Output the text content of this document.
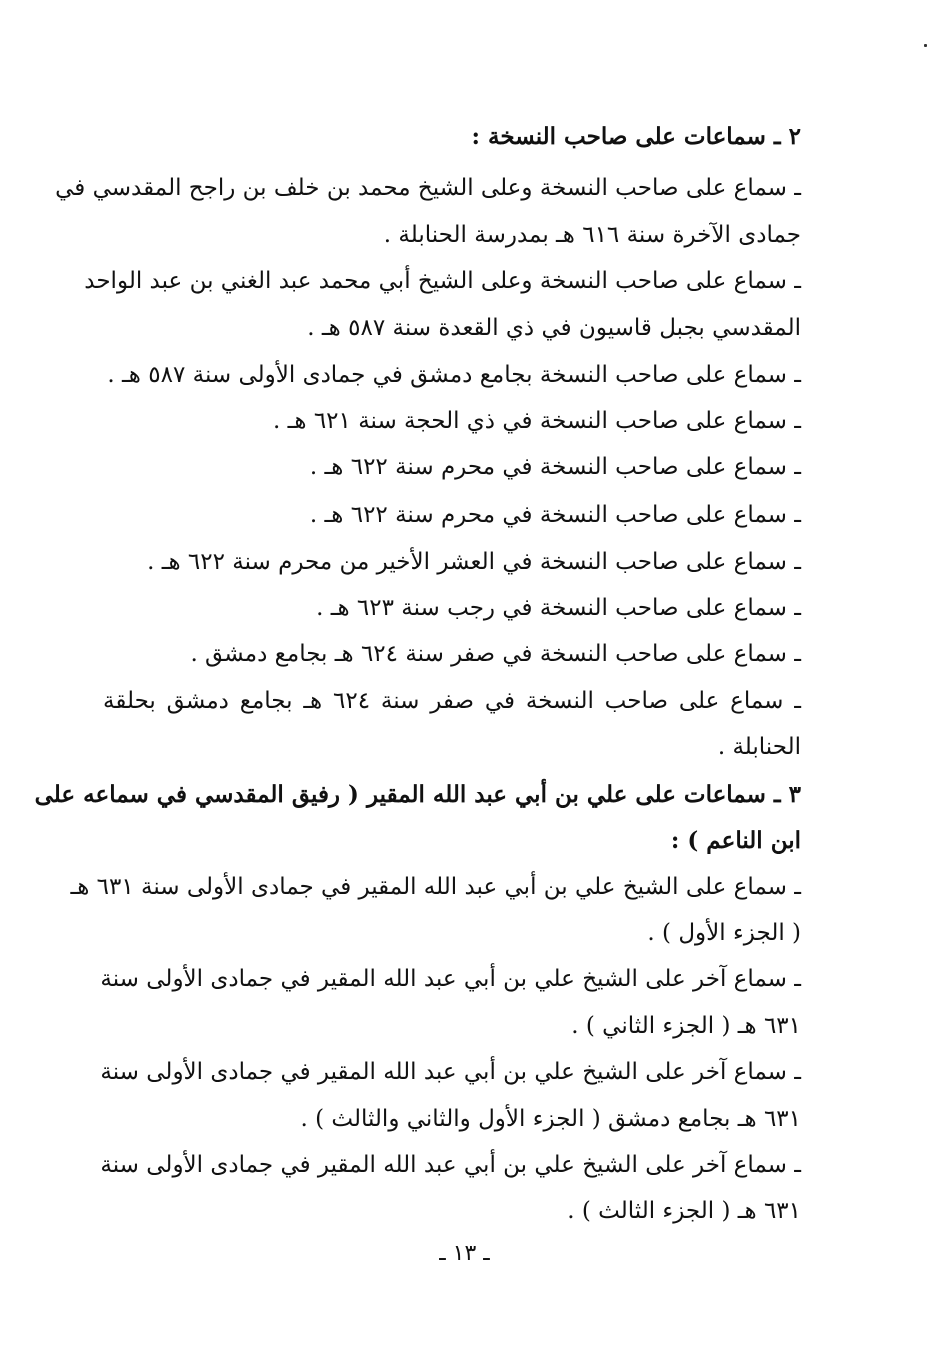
٢ ـ سماعات على صاحب النسخة :
ـ سماع على صاحب النسخة وعلى الشيخ محمد بن خلف بن راجح المقدسي في
جمادى الآخرة سنة ٦١٦ هـ بمدرسة الحنابلة .
ـ سماع على صاحب النسخة وعلى الشيخ أبي محمد عبد الغني بن عبد الواحد
المقدسي بجبل قاسيون في ذي القعدة سنة ٥٨٧ هـ .
ـ سماع على صاحب النسخة بجامع دمشق في جمادى الأولى سنة ٥٨٧ هـ .
ـ سماع على صاحب النسخة في ذي الحجة سنة ٦٢١ هـ .
ـ سماع على صاحب النسخة في محرم سنة ٦٢٢ هـ .
ـ سماع على صاحب النسخة في محرم سنة ٦٢٢ هـ .
ـ سماع على صاحب النسخة في العشر الأخير من محرم سنة ٦٢٢ هـ .
ـ سماع على صاحب النسخة في رجب سنة ٦٢٣ هـ .
ـ سماع على صاحب النسخة في صفر سنة ٦٢٤ هـ بجامع دمشق .
ـ سماع على صاحب النسخة في صفر سنة ٦٢٤ هـ بجامع دمشق بحلقة
الحنابلة .
٣ ـ سماعات على علي بن أبي عبد الله المقير ( رفيق المقدسي في سماعه على
ابن الناعم ) :
ـ سماع على الشيخ علي بن أبي عبد الله المقير في جمادى الأولى سنة ٦٣١ هـ
( الجزء الأول ) .
ـ سماع آخر على الشيخ علي بن أبي عبد الله المقير في جمادى الأولى سنة
٦٣١ هـ ( الجزء الثاني ) .
ـ سماع آخر على الشيخ علي بن أبي عبد الله المقير في جمادى الأولى سنة
٦٣١ هـ بجامع دمشق ( الجزء الأول والثاني والثالث ) .
ـ سماع آخر على الشيخ علي بن أبي عبد الله المقير في جمادى الأولى سنة
٦٣١ هـ ( الجزء الثالث ) .
ـ ١٣ ـ
